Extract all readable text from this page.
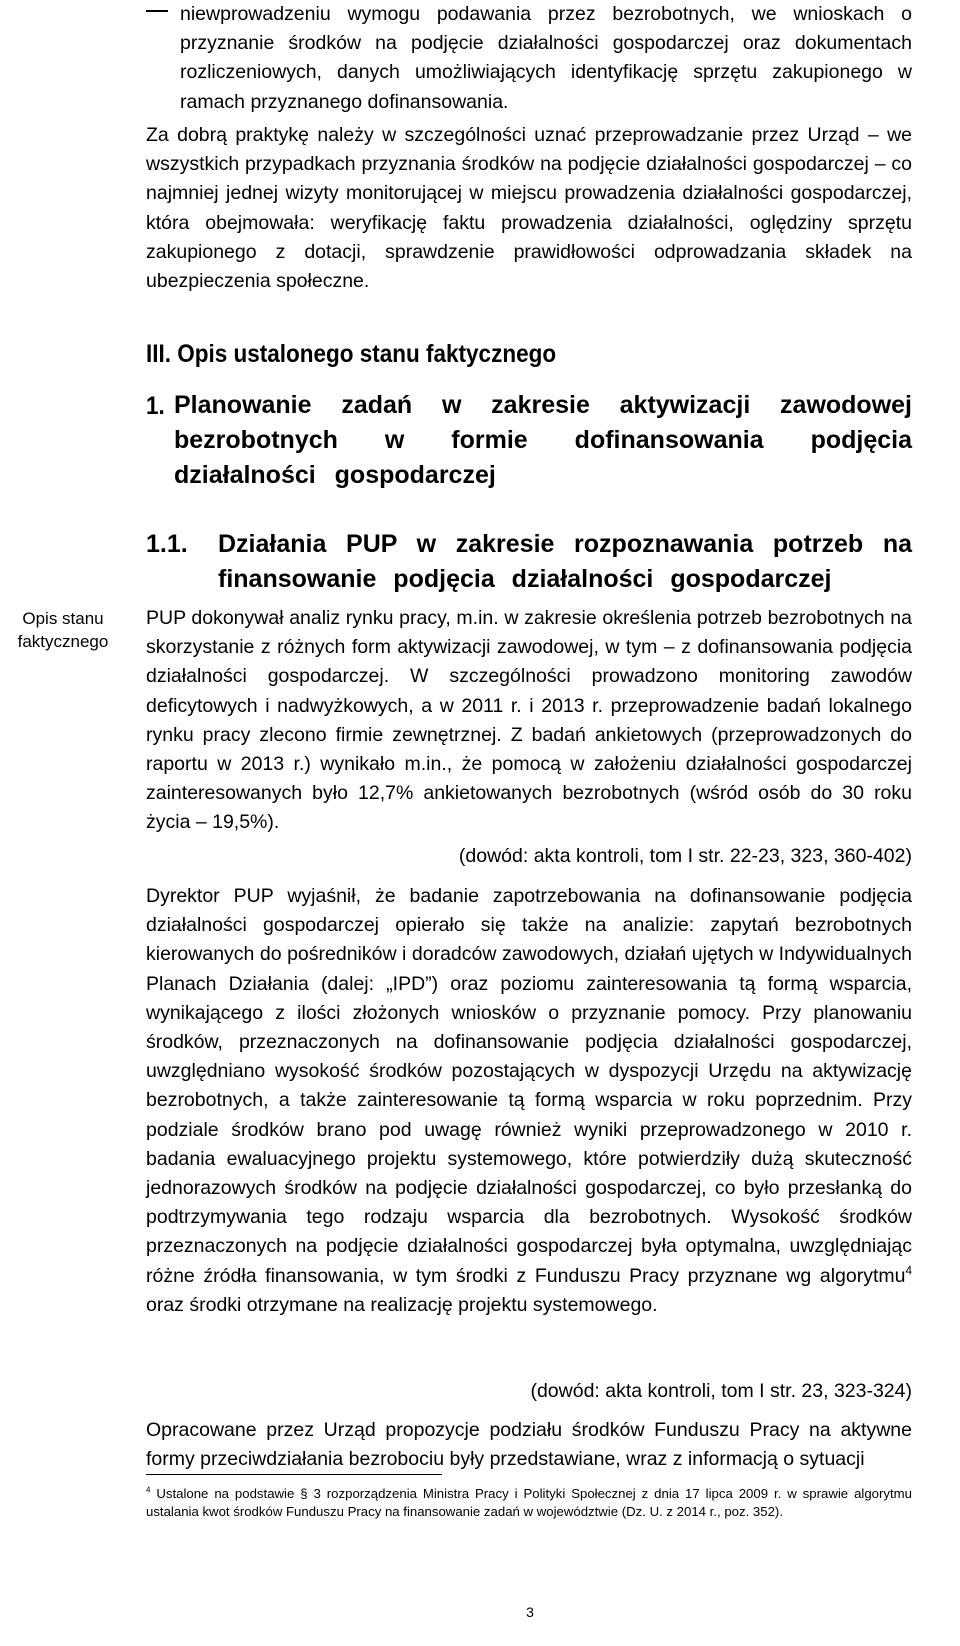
niewprowadzeniu wymogu podawania przez bezrobotnych, we wnioskach o przyznanie środków na podjęcie działalności gospodarczej oraz dokumentach rozliczeniowych, danych umożliwiających identyfikację sprzętu zakupionego w ramach przyznanego dofinansowania.
Za dobrą praktykę należy w szczególności uznać przeprowadzanie przez Urząd – we wszystkich przypadkach przyznania środków na podjęcie działalności gospodarczej – co najmniej jednej wizyty monitorującej w miejscu prowadzenia działalności gospodarczej, która obejmowała: weryfikację faktu prowadzenia działalności, oględziny sprzętu zakupionego z dotacji, sprawdzenie prawidłowości odprowadzania składek na ubezpieczenia społeczne.
III. Opis ustalonego stanu faktycznego
1. Planowanie zadań w zakresie aktywizacji zawodowej bezrobotnych w formie dofinansowania podjęcia działalności gospodarczej
1.1.	Działania PUP w zakresie rozpoznawania potrzeb na finansowanie podjęcia działalności gospodarczej
Opis stanu faktycznego
PUP dokonywał analiz rynku pracy, m.in. w zakresie określenia potrzeb bezrobotnych na skorzystanie z różnych form aktywizacji zawodowej, w tym – z dofinansowania podjęcia działalności gospodarczej. W szczególności prowadzono monitoring zawodów deficytowych i nadwyżkowych, a w 2011 r. i 2013 r. przeprowadzenie badań lokalnego rynku pracy zlecono firmie zewnętrznej. Z badań ankietowych (przeprowadzonych do raportu w 2013 r.) wynikało m.in., że pomocą w założeniu działalności gospodarczej zainteresowanych było 12,7% ankietowanych bezrobotnych (wśród osób do 30 roku życia – 19,5%).
(dowód: akta kontroli, tom I str. 22-23, 323, 360-402)
Dyrektor PUP wyjaśnił, że badanie zapotrzebowania na dofinansowanie podjęcia działalności gospodarczej opierało się także na analizie: zapytań bezrobotnych kierowanych do pośredników i doradców zawodowych, działań ujętych w Indywidualnych Planach Działania (dalej: „IPD”) oraz poziomu zainteresowania tą formą wsparcia, wynikającego z ilości złożonych wniosków o przyznanie pomocy. Przy planowaniu środków, przeznaczonych na dofinansowanie podjęcia działalności gospodarczej, uwzględniano wysokość środków pozostających w dyspozycji Urzędu na aktywizację bezrobotnych, a także zainteresowanie tą formą wsparcia w roku poprzednim. Przy podziale środków brano pod uwagę również wyniki przeprowadzonego w 2010 r. badania ewaluacyjnego projektu systemowego, które potwierdziły dużą skuteczność jednorazowych środków na podjęcie działalności gospodarczej, co było przesłanką do podtrzymywania tego rodzaju wsparcia dla bezrobotnych. Wysokość środków przeznaczonych na podjęcie działalności gospodarczej była optymalna, uwzględniając różne źródła finansowania, w tym środki z Funduszu Pracy przyznane wg algorytmu$^4$ oraz środki otrzymane na realizację projektu systemowego.
(dowód: akta kontroli, tom I str. 23, 323-324)
Opracowane przez Urząd propozycje podziału środków Funduszu Pracy na aktywne formy przeciwdziałania bezrobociu były przedstawiane, wraz z informacją o sytuacji
$^4$ Ustalone na podstawie § 3 rozporządzenia Ministra Pracy i Polityki Społecznej z dnia 17 lipca 2009 r. w sprawie algorytmu ustalania kwot środków Funduszu Pracy na finansowanie zadań w województwie (Dz. U. z 2014 r., poz. 352).
3
